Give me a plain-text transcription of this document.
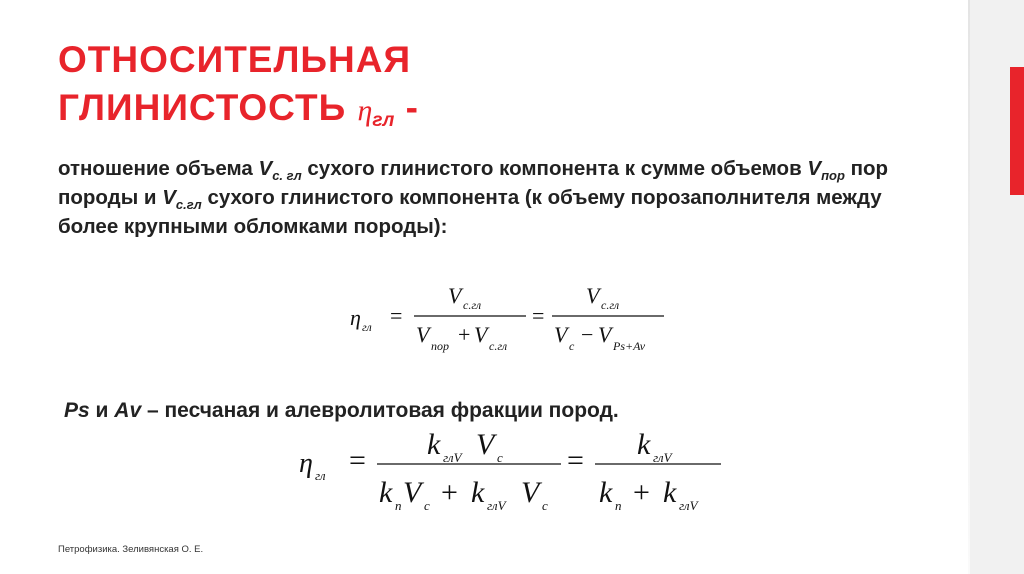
ОТНОСИТЕЛЬНАЯ
ГЛИНИСТОСТЬ ηгл -
отношение объема $V_{с. гл}$ сухого глинистого компонента к сумме объемов $V_{пор}$ пор породы и $V_{с.гл}$ сухого глинистого компонента (к объему порозаполнителя между более крупными обломками породы):
η гл =
V с.гл
V пор + V с.гл
=
V с.гл
V с − V Ps+Av
Ps и Av – песчаная и алевролитовая фракции пород.
η гл = k глV V с
k п V с + k глV V с
= k глV
k п + k глV
Петрофизика. Зеливянская О. Е.
